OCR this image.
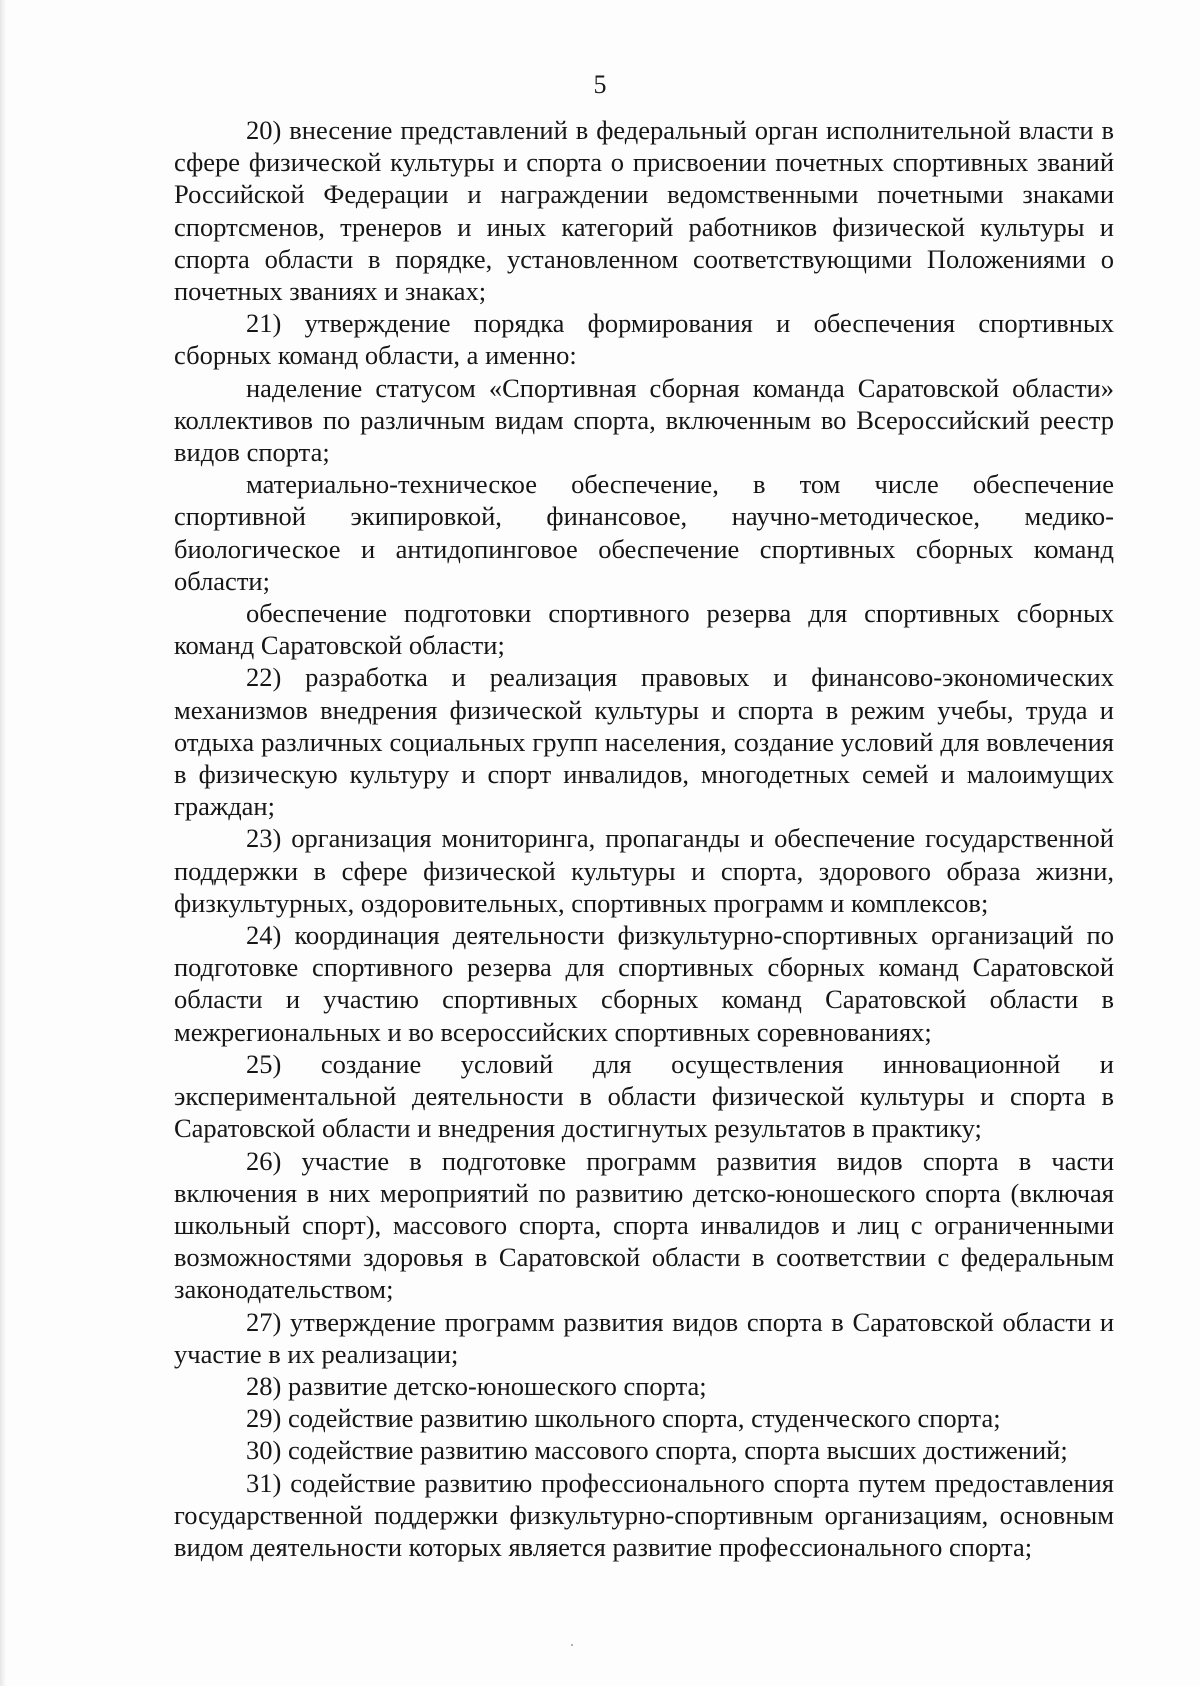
5

20) внесение представлений в федеральный орган исполнительной власти в сфере физической культуры и спорта о присвоении почетных спортивных званий Российской Федерации и награждении ведомственными почетными знаками спортсменов, тренеров и иных категорий работников физической культуры и спорта области в порядке, установленном соответствующими Положениями о почетных званиях и знаках;

21) утверждение порядка формирования и обеспечения спортивных сборных команд области, а именно:

наделение статусом «Спортивная сборная команда Саратовской области» коллективов по различным видам спорта, включенным во Всероссийский реестр видов спорта;

материально-техническое обеспечение, в том числе обеспечение спортивной экипировкой, финансовое, научно-методическое, медико-биологическое и антидопинговое обеспечение спортивных сборных команд области;

обеспечение подготовки спортивного резерва для спортивных сборных команд Саратовской области;

22) разработка и реализация правовых и финансово-экономических механизмов внедрения физической культуры и спорта в режим учебы, труда и отдыха различных социальных групп населения, создание условий для вовлечения в физическую культуру и спорт инвалидов, многодетных семей и малоимущих граждан;

23) организация мониторинга, пропаганды и обеспечение государственной поддержки в сфере физической культуры и спорта, здорового образа жизни, физкультурных, оздоровительных, спортивных программ и комплексов;

24) координация деятельности физкультурно-спортивных организаций по подготовке спортивного резерва для спортивных сборных команд Саратовской области и участию спортивных сборных команд Саратовской области в межрегиональных и во всероссийских спортивных соревнованиях;

25) создание условий для осуществления инновационной и экспериментальной деятельности в области физической культуры и спорта в Саратовской области и внедрения достигнутых результатов в практику;

26) участие в подготовке программ развития видов спорта в части включения в них мероприятий по развитию детско-юношеского спорта (включая школьный спорт), массового спорта, спорта инвалидов и лиц с ограниченными возможностями здоровья в Саратовской области в соответствии с федеральным законодательством;

27) утверждение программ развития видов спорта в Саратовской области и участие в их реализации;

28) развитие детско-юношеского спорта;

29) содействие развитию школьного спорта, студенческого спорта;

30) содействие развитию массового спорта, спорта высших достижений;

31) содействие развитию профессионального спорта путем предоставления государственной поддержки физкультурно-спортивным организациям, основным видом деятельности которых является развитие профессионального спорта;
